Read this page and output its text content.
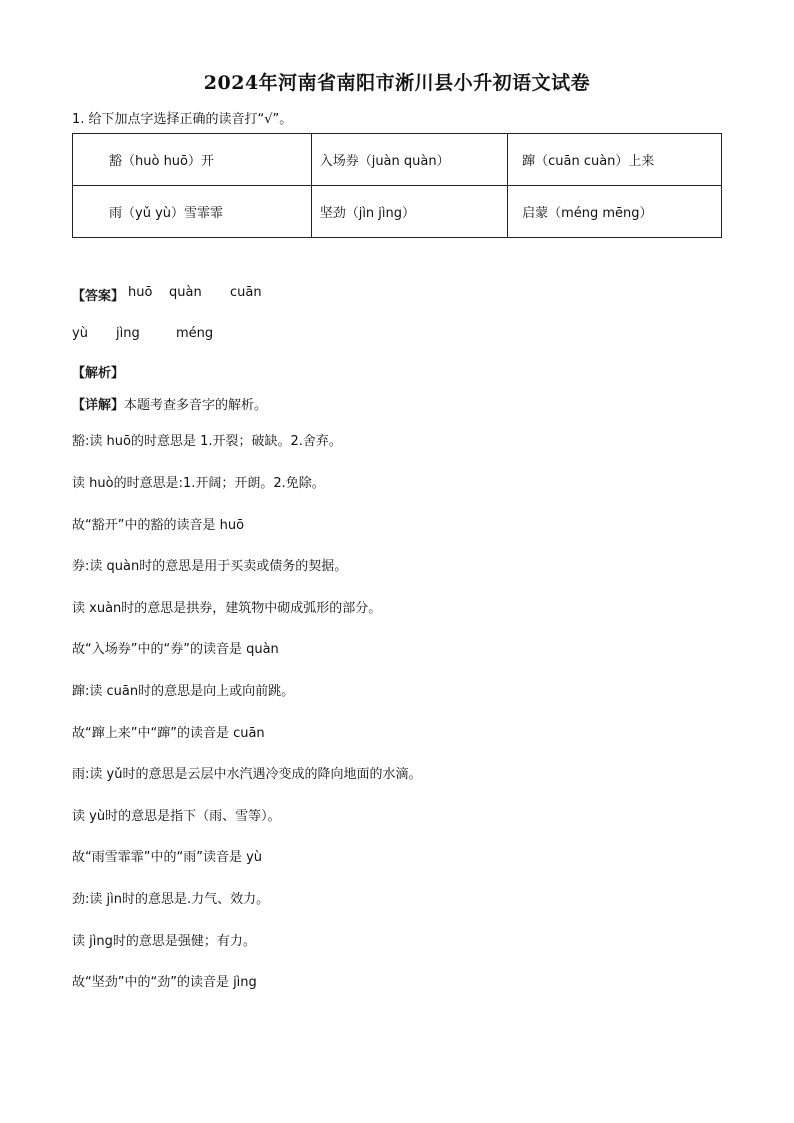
2024年河南省南阳市淅川县小升初语文试卷
1. 给下加点字选择正确的读音打“√”。
豁（huò huō）开	入场券（juàn quàn）	蹿（cuān cuàn）上来
雨（yǔ yù）雪霏霏	坚劲（jìn jìng）	启蒙（méng mēng）
【答案】 huō quàn cuān
yù jìng	méng
【解析】
【详解】本题考查多音字的解析。
豁:读 huō的时意思是 1.开裂；破缺。2.舍弃。
读 huò的时意思是:1.开阔；开朗。2.免除。
故“豁开”中的豁的读音是 huō
券:读 quàn时的意思是用于买卖或债务的契据。
读 xuàn时的意思是拱券，建筑物中砌成弧形的部分。
故“入场券”中的“券”的读音是 quàn
蹿:读 cuān时的意思是向上或向前跳。
故“蹿上来”中“蹿”的读音是 cuān
雨:读 yǔ时的意思是云层中水汽遇冷变成的降向地面的水滴。
读 yù时的意思是指下（雨、雪等）。
故“雨雪霏霏”中的“雨”读音是 yù
劲:读 jìn时的意思是.力气、效力。
读 jìng时的意思是强健；有力。
故“坚劲”中的“劲”的读音是 jìng
